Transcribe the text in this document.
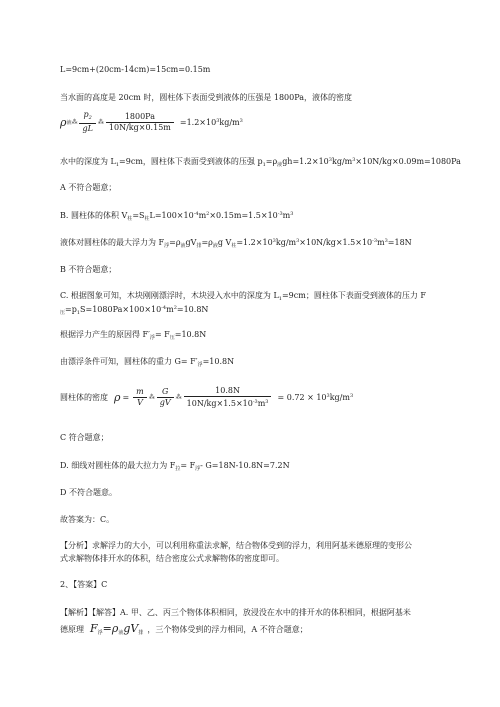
L=9cm+(20cm-14cm)=15cm=0.15m
当水面的高度是 20cm 时，圆柱体下表面受到液体的压强是 1800Pa，液体的密度
ρ 液 ⁂ $\frac{p_2}{gL}$ ⁂ $\frac{1800Pa}{10N/kg\times 0.15m} =1.2\times 10^3kg/m^3$
水中的深度为 $L_1=9cm$，圆柱体下表面受到液体的压强 $p_1=\rho_液gh=1.2\times 10^3kg/m^3\times 10N/kg\times 0.09m=1080Pa$
A 不符合题意；
B. 圆柱体的体积 $V_柱=S_柱L=100\times 10^{-4}m^2\times 0.15m=1.5\times 10^{-3}m^3$
液体对圆柱体的最大浮力为 $F_浮=\rho_液gV_排=\rho_液g$ $V_柱=1.2\times 10^3kg/m^3\times 10N/kg\times 1.5\times 10^{-3}m^3=18N$
B 不符合题意；
C. 根据图象可知，木块刚刚漂浮时，木块浸入水中的深度为 $L_1=9cm$；圆柱体下表面受到液体的压力 F
$_压=p_1S=1080Pa\times 100\times 10^{-4}m^2=10.8N$
根据浮力产生的原因得 $F'_浮= F_压=10.8N$
由漂浮条件可知，圆柱体的重力 $G= F'_浮=10.8N$
圆柱体的密度 $\rho = \frac{m}{V}$ ⁂ $\frac{G}{gV}$ ⁂ $\frac{10.8N}{10N/kg\times 1.5\times 10^{-3}m^3} = 0.72 \times 10^3kg/m^3$
C 符合题意；
D. 细线对圆柱体的最大拉力为 $F_拉= F_浮-$ G=18N-10.8N=7.2N
D 不符合题意。
故答案为：C。
【分析】求解浮力的大小，可以利用称重法求解，结合物体受到的浮力，利用阿基米德原理的变形公
式求解物体排开水的体积，结合密度公式求解物体的密度即可。
2、【答案】C
【解析】【解答】A. 甲、乙、丙三个物体体积相同，放浸没在水中的排开水的体积相同，根据阿基米
德原理 $F_浮=\rho_液gV_排$ ，三个物体受到的浮力相同，A 不符合题意；
